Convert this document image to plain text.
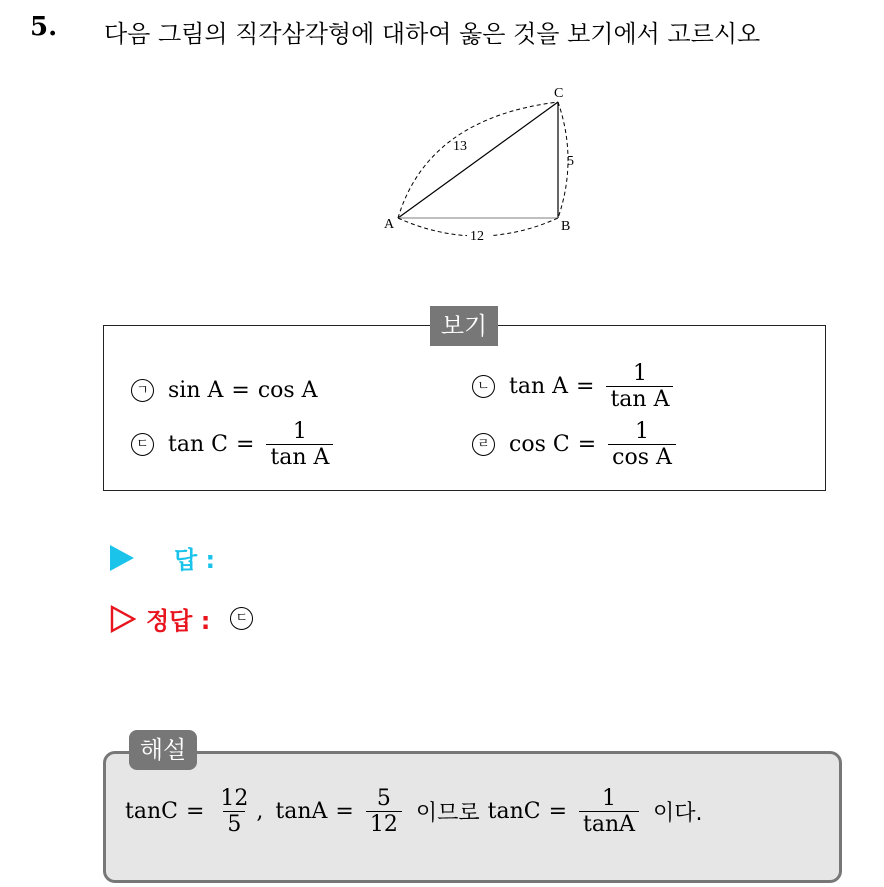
5. 다음 그림의 직각삼각형에 대하여 옳은 것을 보기에서 고르시오
A	B
C
13
5
12
보기
ㄱ sin A = cos A	ㄴ $\tan A = \frac{1}{\text{tan A}}$
ㄷ $\tan C = \frac{1}{\text{tan A}}$	ㄹ $\cos C = \frac{1}{\text{cos A}}$
답 :
정답 :	ㄷ
해설
$\tan C = \frac{12}{5}$ , $\tan A = \frac{5}{12}$ 이므로 $\tan C = \frac{1}{\tan A}$ 이다.
